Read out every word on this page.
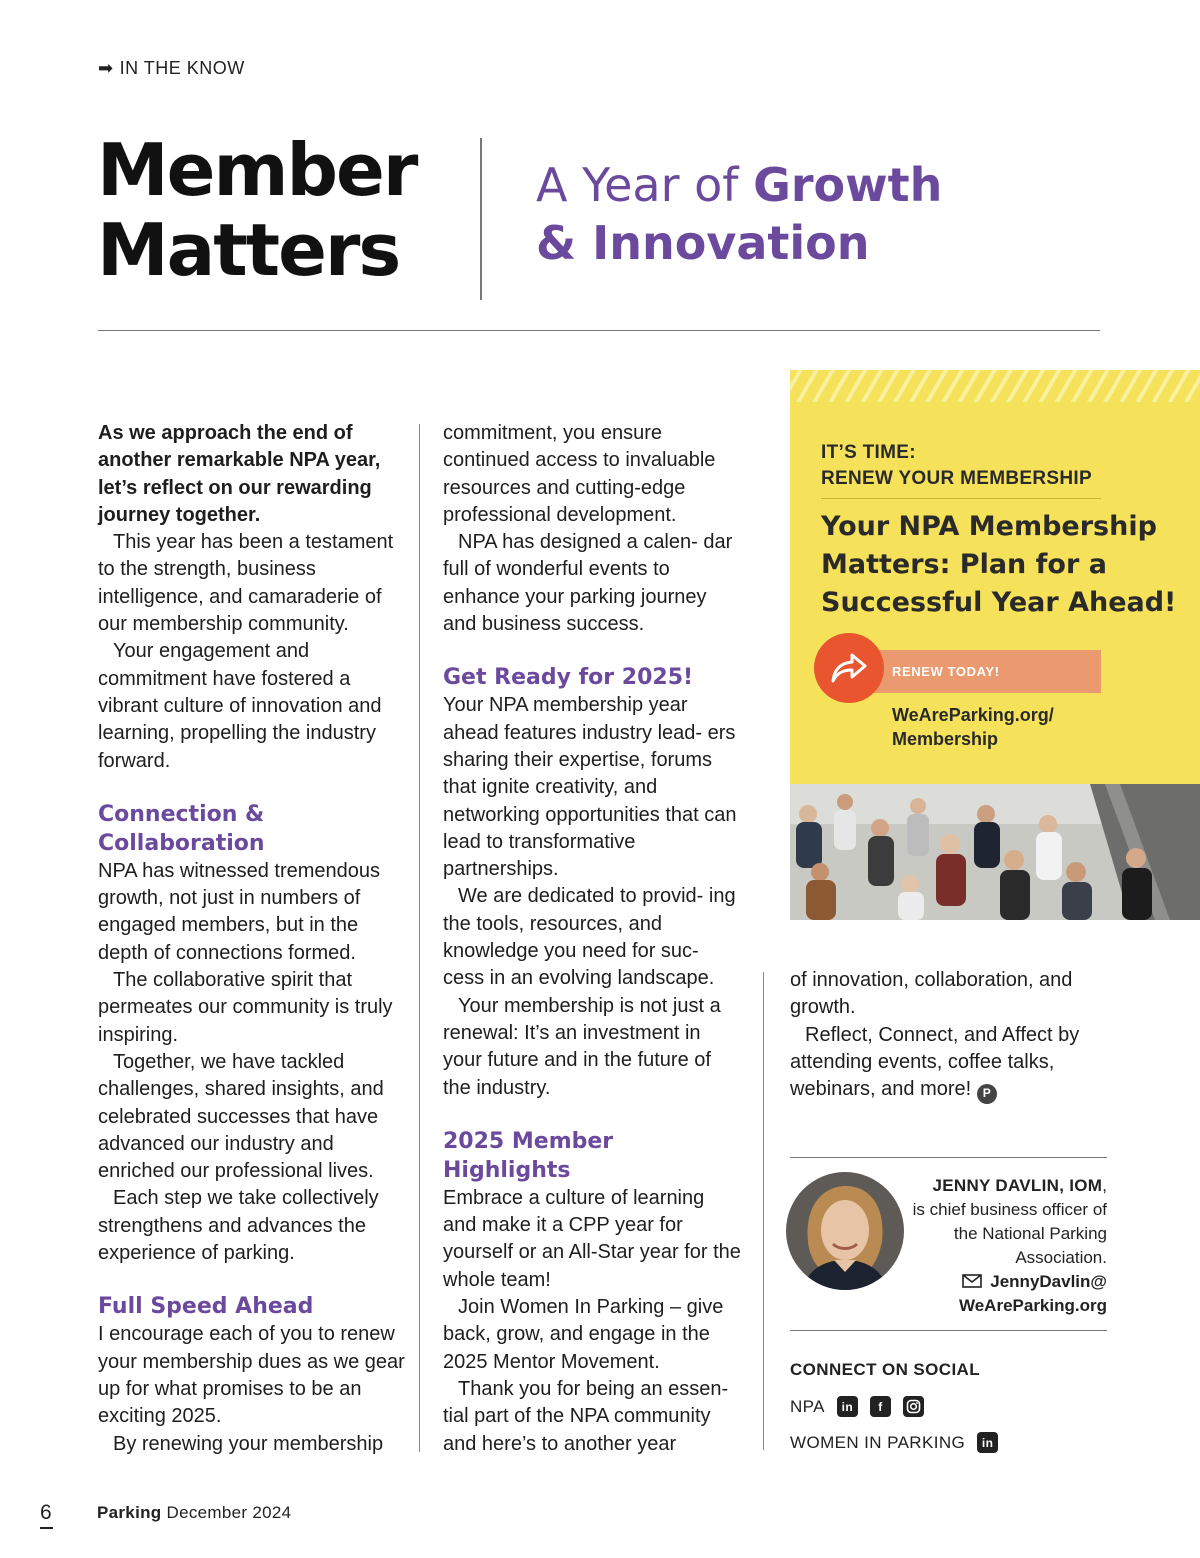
➡ IN THE KNOW
Member
Matters
A Year of Growth
& Innovation

As we approach the end of another remarkable NPA year, let’s reflect on our rewarding journey together.

This year has been a testament to the strength, business intelligence, and camaraderie of our membership community.

Your engagement and commitment have fostered a vibrant culture of innovation and learning, propelling the industry forward.

Connection & Collaboration

NPA has witnessed tremendous growth, not just in numbers of engaged members, but in the depth of connections formed.

The collaborative spirit that permeates our community is truly inspiring.

Together, we have tackled challenges, shared insights, and celebrated successes that have advanced our industry and enriched our professional lives.

Each step we take collectively strengthens and advances the experience of parking.

Full Speed Ahead

I encourage each of you to renew your membership dues as we gear up for what promises to be an exciting 2025.

By renewing your membership

commitment, you ensure continued access to invaluable resources and cutting-edge professional development.

NPA has designed a calen- dar full of wonderful events to enhance your parking journey and business success.

Get Ready for 2025!

Your NPA membership year ahead features industry lead- ers sharing their expertise, forums that ignite creativity, and networking opportunities that can lead to transformative partnerships.

We are dedicated to provid- ing the tools, resources, and knowledge you need for suc- cess in an evolving landscape.

Your membership is not just a renewal: It’s an investment in your future and in the future of the industry.

2025 Member Highlights

Embrace a culture of learning and make it a CPP year for yourself or an All-Star year for the whole team!

Join Women In Parking – give back, grow, and engage in the 2025 Mentor Movement.

Thank you for being an essen- tial part of the NPA community and here’s to another year

IT’S TIME:
RENEW YOUR MEMBERSHIP
Your NPA Membership Matters: Plan for a Successful Year Ahead!
RENEW TODAY!
WeAreParking.org/
Membership

of innovation, collaboration, and growth.

Reflect, Connect, and Affect by attending events, coffee talks, webinars, and more! P

JENNY DAVLIN, IOM,
is chief business officer of the National Parking Association.
JennyDavlin@
WeAreParking.org
CONNECT ON SOCIAL
NPA	in	f
WOMEN IN PARKING	in
6	Parking December 2024
